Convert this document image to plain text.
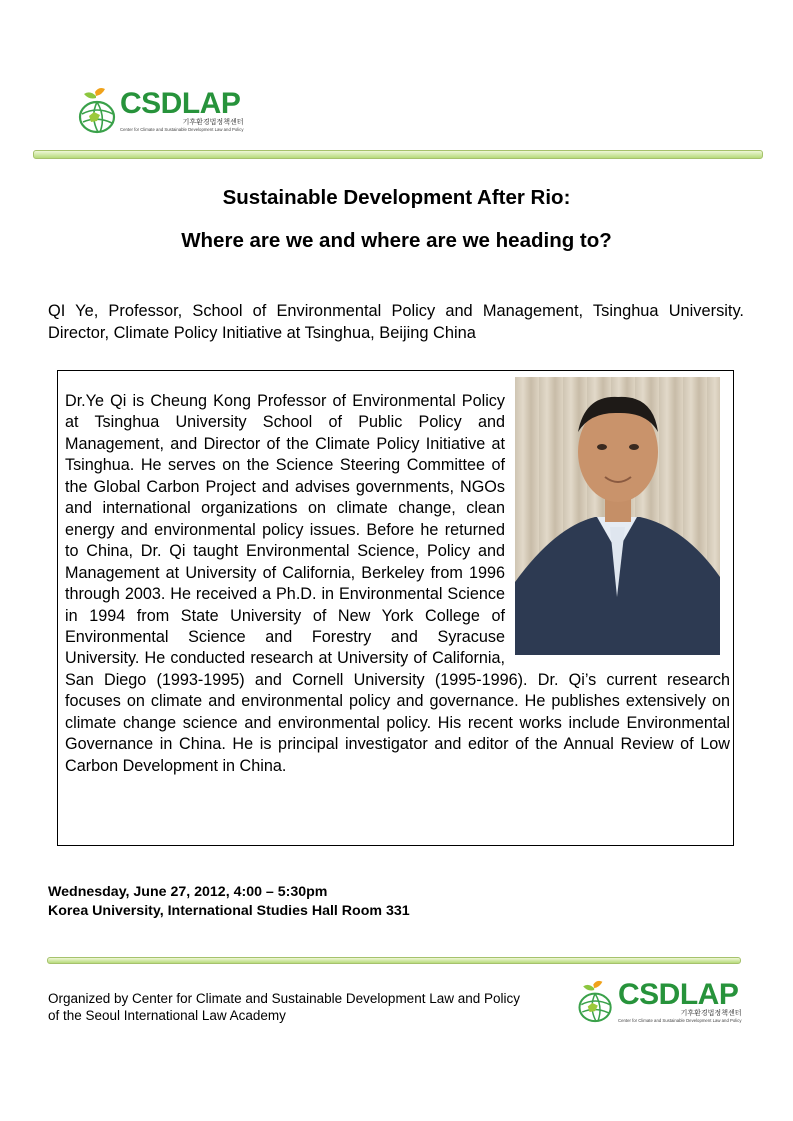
CSDLAP
기후환경법정책센터
Center for Climate and Sustainable Development Law and Policy
Sustainable Development After Rio:
Where are we and where are we heading to?
QI Ye, Professor, School of Environmental Policy and Management, Tsinghua University. Director, Climate Policy Initiative at Tsinghua, Beijing China
Dr.Ye Qi is Cheung Kong Professor of Environmental Policy at Tsinghua University School of Public Policy and Management, and Director of the Climate Policy Initiative at Tsinghua. He serves on the Science Steering Committee of the Global Carbon Project and advises governments, NGOs and international organizations on climate change, clean energy and environmental policy issues. Before he returned to China, Dr. Qi taught Environmental Science, Policy and Management at University of California, Berkeley from 1996 through 2003. He received a Ph.D. in Environmental Science in 1994 from State University of New York College of Environmental Science and Forestry and Syracuse University. He conducted research at University of California, San Diego (1993-1995) and Cornell University (1995-1996). Dr. Qi’s current research focuses on climate and environmental policy and governance. He publishes extensively on climate change science and environmental policy. His recent works include Environmental Governance in China. He is principal investigator and editor of the Annual Review of Low Carbon Development in China.
Wednesday, June 27, 2012, 4:00 – 5:30pm
Korea University, International Studies Hall Room 331
Organized by Center for Climate and Sustainable Development Law and Policy
of the Seoul International Law Academy
CSDLAP
기후환경법정책센터
Center for Climate and Sustainable Development Law and Policy
